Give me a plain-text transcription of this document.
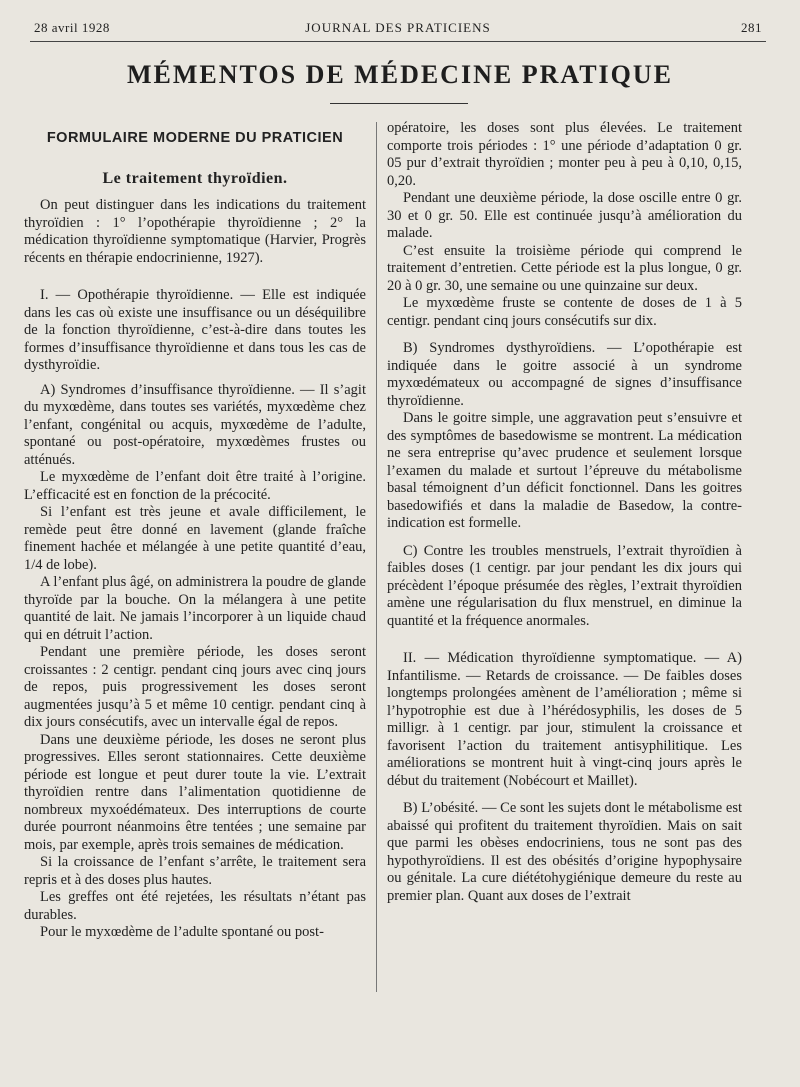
28 avril 1928	JOURNAL DES PRATICIENS	281
MÉMENTOS DE MÉDECINE PRATIQUE
FORMULAIRE MODERNE DU PRATICIEN
Le traitement thyroïdien.

On peut distinguer dans les indications du traitement thyroïdien : 1° l’opothérapie thyroïdienne ; 2° la médication thyroïdienne symptomatique (Harvier, Progrès récents en thérapie endocrinienne, 1927).

I. — Opothérapie thyroïdienne. — Elle est indiquée dans les cas où existe une insuffisance ou un déséquilibre de la fonction thyroïdienne, c’est-à-dire dans toutes les formes d’insuffisance thyroïdienne et dans tous les cas de dysthyroïdie.

A) Syndromes d’insuffisance thyroïdienne. — Il s’agit du myxœdème, dans toutes ses variétés, myxœdème chez l’enfant, congénital ou acquis, myxœdème de l’adulte, spontané ou post-opératoire, myxœdèmes frustes ou atténués.

Le myxœdème de l’enfant doit être traité à l’origine. L’efficacité est en fonction de la précocité.

Si l’enfant est très jeune et avale difficilement, le remède peut être donné en lavement (glande fraîche finement hachée et mélangée à une petite quantité d’eau, 1/4 de lobe).

A l’enfant plus âgé, on administrera la poudre de glande thyroïde par la bouche. On la mélangera à une petite quantité de lait. Ne jamais l’incorporer à un liquide chaud qui en détruit l’action.

Pendant une première période, les doses seront croissantes : 2 centigr. pendant cinq jours avec cinq jours de repos, puis progressivement les doses seront augmentées jusqu’à 5 et même 10 centigr. pendant cinq à dix jours consécutifs, avec un intervalle égal de repos.

Dans une deuxième période, les doses ne seront plus progressives. Elles seront stationnaires. Cette deuxième période est longue et peut durer toute la vie. L’extrait thyroïdien rentre dans l’alimentation quotidienne de nombreux myxoédémateux. Des interruptions de courte durée pourront néanmoins être tentées ; une semaine par mois, par exemple, après trois semaines de médication.

Si la croissance de l’enfant s’arrête, le traitement sera repris et à des doses plus hautes.

Les greffes ont été rejetées, les résultats n’étant pas durables.

Pour le myxœdème de l’adulte spontané ou post-

opératoire, les doses sont plus élevées. Le traitement comporte trois périodes : 1° une période d’adaptation 0 gr. 05 pur d’extrait thyroïdien ; monter peu à peu à 0,10, 0,15, 0,20.

Pendant une deuxième période, la dose oscille entre 0 gr. 30 et 0 gr. 50. Elle est continuée jusqu’à amélioration du malade.

C’est ensuite la troisième période qui comprend le traitement d’entretien. Cette période est la plus longue, 0 gr. 20 à 0 gr. 30, une semaine ou une quinzaine sur deux.

Le myxœdème fruste se contente de doses de 1 à 5 centigr. pendant cinq jours consécutifs sur dix.

B) Syndromes dysthyroïdiens. — L’opothérapie est indiquée dans le goitre associé à un syndrome myxœdémateux ou accompagné de signes d’insuffisance thyroïdienne.

Dans le goitre simple, une aggravation peut s’ensuivre et des symptômes de basedowisme se montrent. La médication ne sera entreprise qu’avec prudence et seulement lorsque l’examen du malade et surtout l’épreuve du métabolisme basal témoignent d’un déficit fonctionnel. Dans les goitres basedowifiés et dans la maladie de Basedow, la contre-indication est formelle.

C) Contre les troubles menstruels, l’extrait thyroïdien à faibles doses (1 centigr. par jour pendant les dix jours qui précèdent l’époque présumée des règles, l’extrait thyroïdien amène une régularisation du flux menstruel, en diminue la quantité et la fréquence anormales.

II. — Médication thyroïdienne symptomatique. — A) Infantilisme. — Retards de croissance. — De faibles doses longtemps prolongées amènent de l’amélioration ; même si l’hypotrophie est due à l’hérédosyphilis, les doses de 5 milligr. à 1 centigr. par jour, stimulent la croissance et favorisent l’action du traitement antisyphilitique. Les améliorations se montrent huit à vingt-cinq jours après le début du traitement (Nobécourt et Maillet).

B) L’obésité. — Ce sont les sujets dont le métabolisme est abaissé qui profitent du traitement thyroïdien. Mais on sait que parmi les obèses endocriniens, tous ne sont pas des hypothyroïdiens. Il est des obésités d’origine hypophysaire ou génitale. La cure diététohygiénique demeure du reste au premier plan. Quant aux doses de l’extrait
